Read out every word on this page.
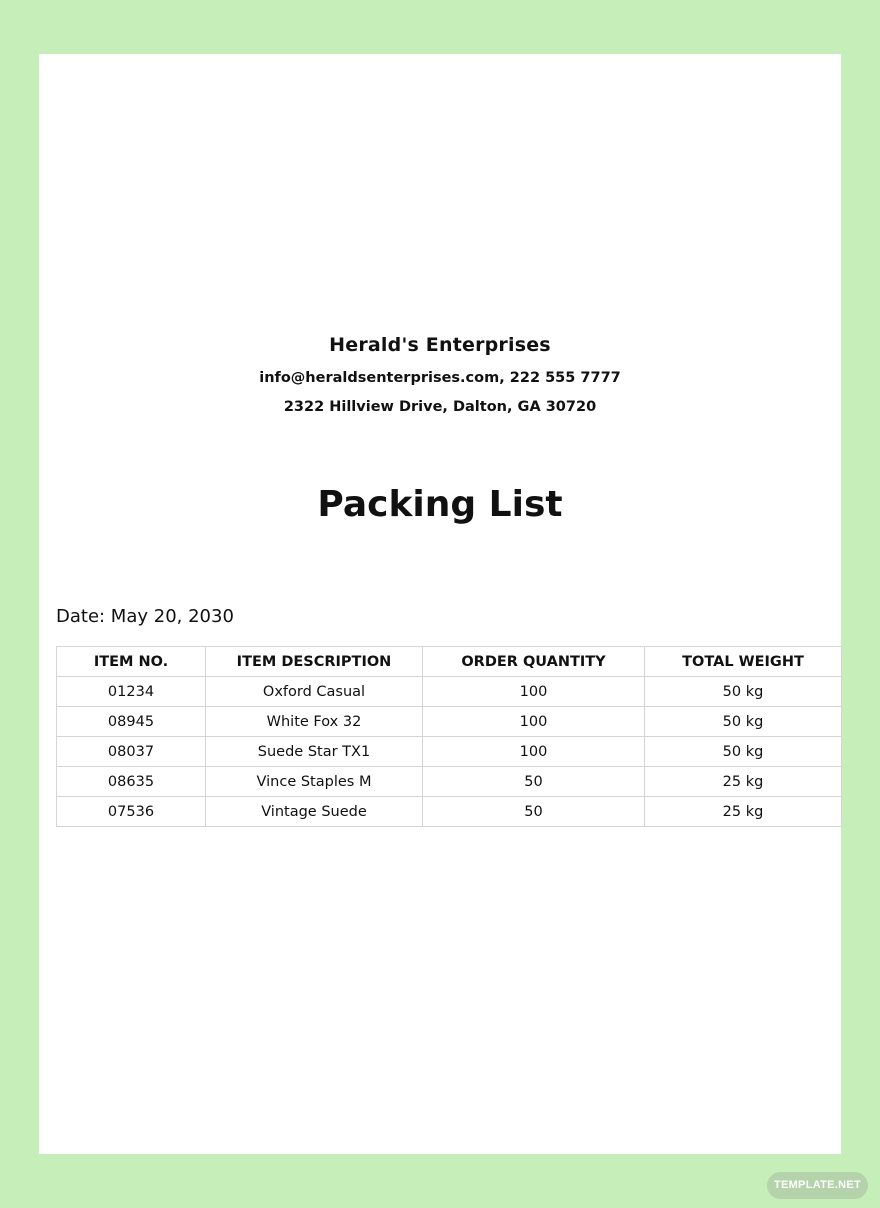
Herald's Enterprises
info@heraldsenterprises.com, 222 555 7777
2322 Hillview Drive, Dalton, GA 30720
Packing List
Date: May 20, 2030
ITEM NO.	ITEM DESCRIPTION	ORDER QUANTITY	TOTAL WEIGHT
01234	Oxford Casual	100	50 kg
08945	White Fox 32	100	50 kg
08037	Suede Star TX1	100	50 kg
08635	Vince Staples M	50	25 kg
07536	Vintage Suede	50	25 kg
TEMPLATE.NET
